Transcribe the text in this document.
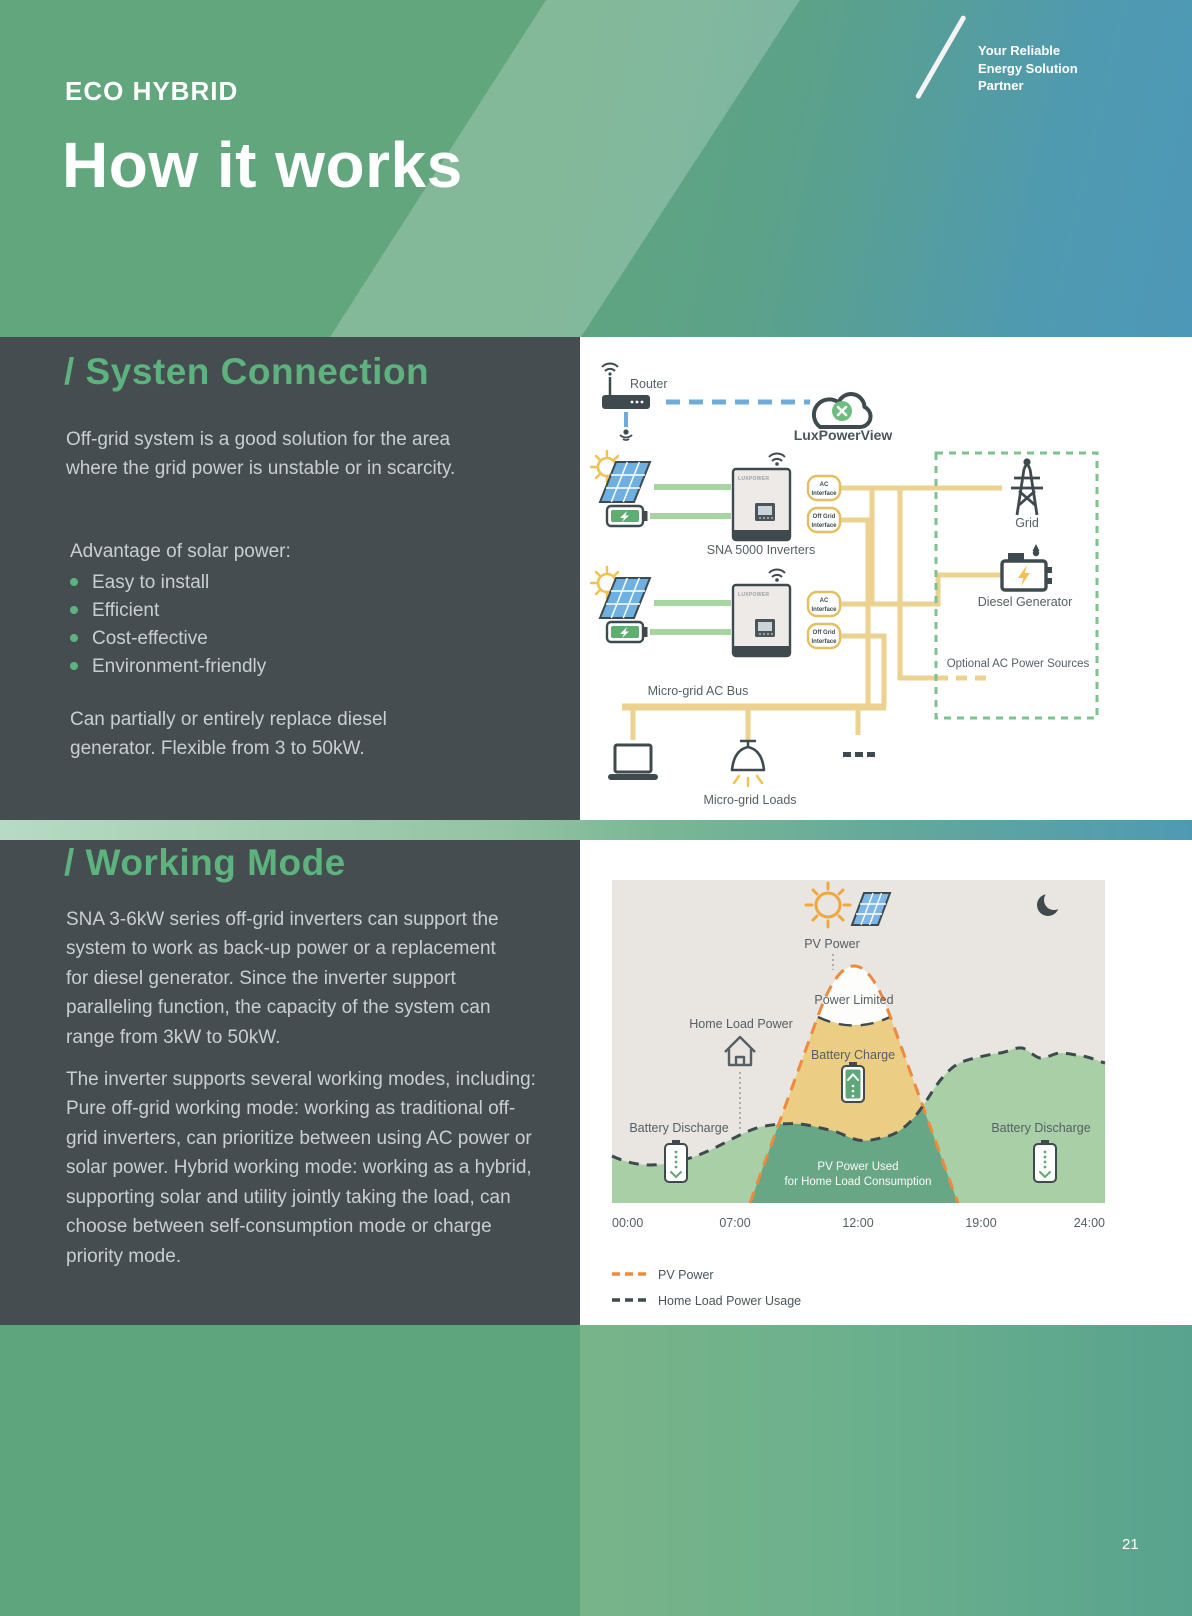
ECO HYBRID
How it works
Your Reliable
Energy Solution
Partner
/ Systen Connection
Off-grid system is a good solution for the area where the grid power is unstable or in scarcity.
Advantage of solar power:
Easy to install
Efficient
Cost-effective
Environment-friendly
Can partially or entirely replace diesel generator. Flexible from 3 to 50kW.
/ Working Mode
SNA 3-6kW series off-grid inverters can support the system to work as back-up power or a replacement for diesel generator. Since the inverter support paralleling function, the capacity of the system can range from 3kW to 50kW.
The inverter supports several working modes, including: Pure off-grid working mode: working as traditional off-grid inverters, can prioritize between using AC power or solar power. Hybrid working mode: working as a hybrid, supporting solar and utility jointly taking the load, can choose between self-consumption mode or charge priority mode.
Router
LuxPowerView
LUXPOWER
SNA 5000 Inverters
LUXPOWER
AC
Interface
Off Grid
Interface
AC
Interface
Off Grid
Interface
Micro-grid AC Bus
Micro-grid Loads
Grid
Diesel Generator
Optional AC Power Sources
PV Power
Home Load Power
Power Limited
Battery Charge
Battery Discharge	Battery Discharge
PV Power Used
for Home Load Consumption
00:00	07:00	12:00	19:00	24:00
PV Power
Home Load Power Usage
21
